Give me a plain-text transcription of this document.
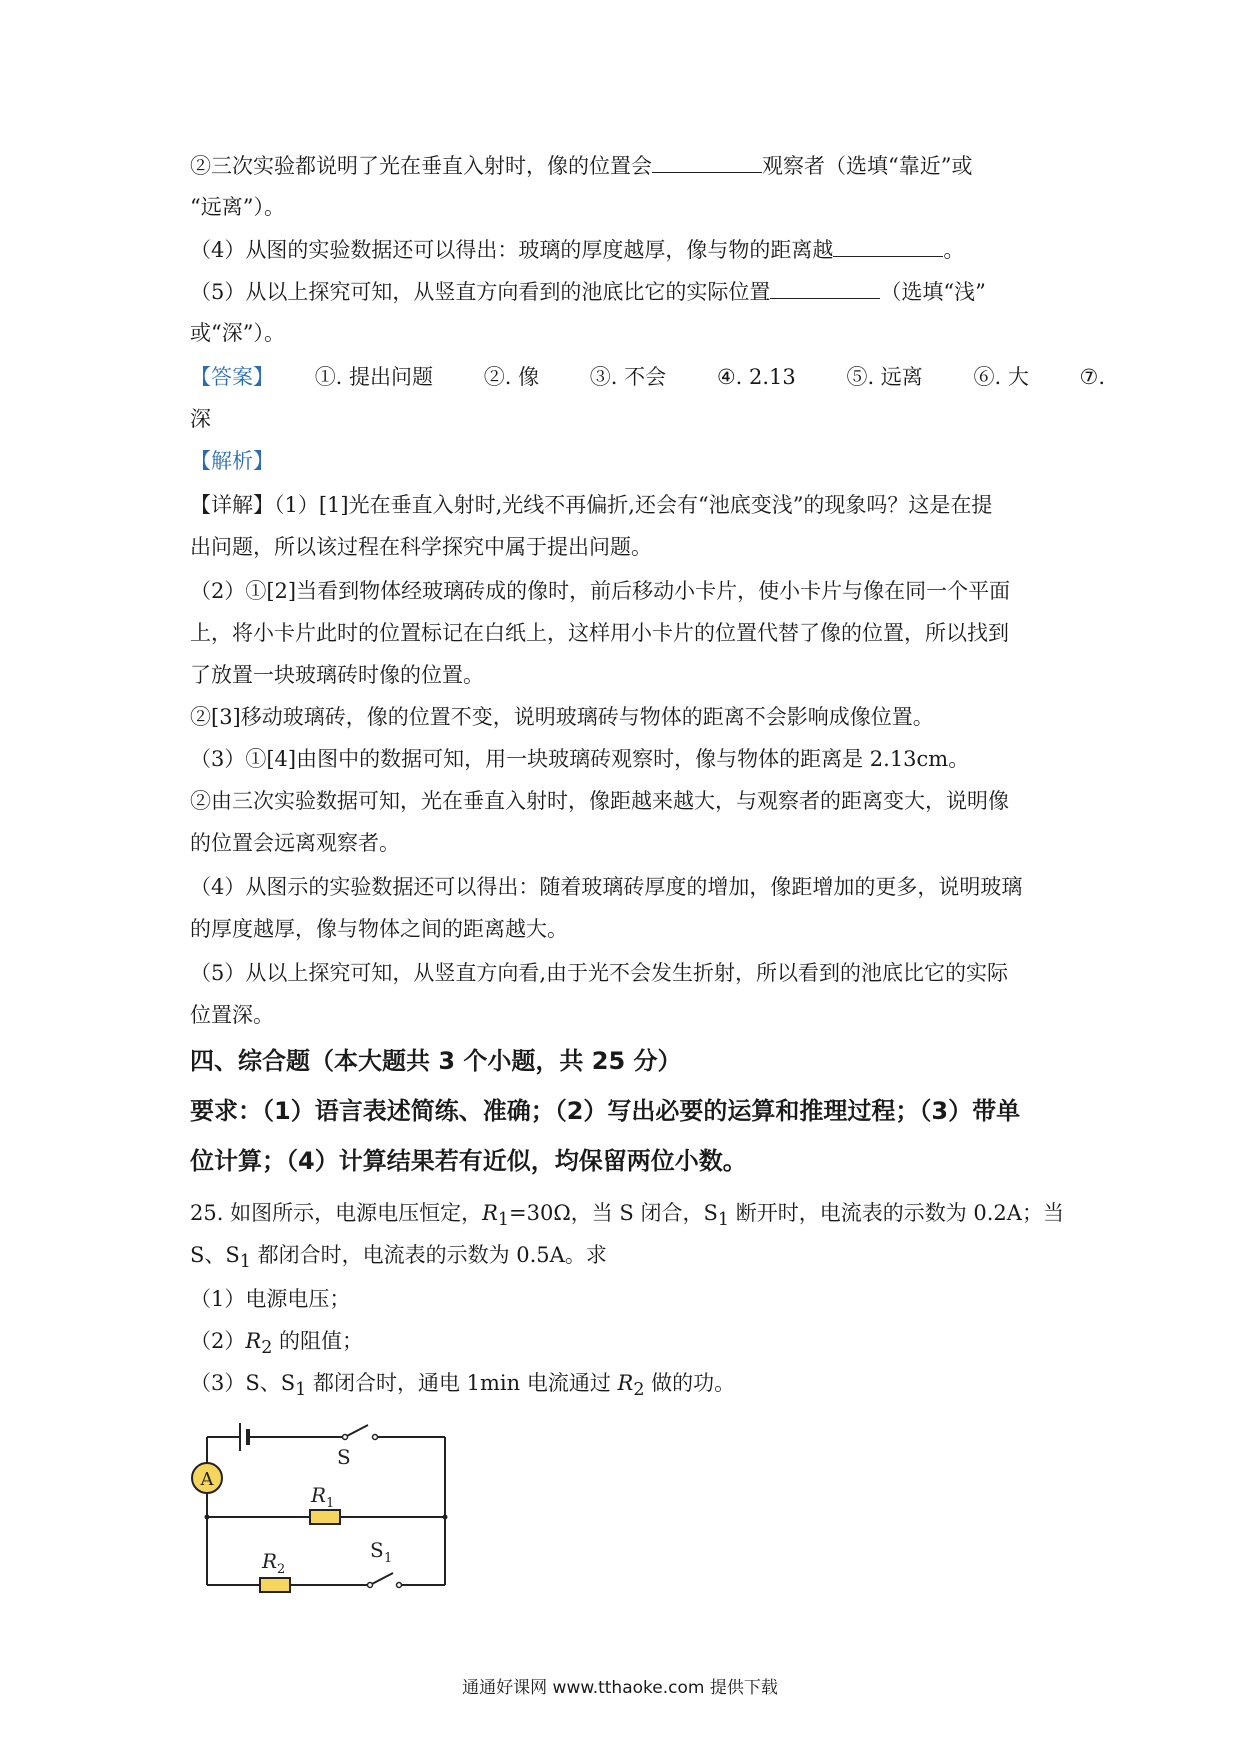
②三次实验都说明了光在垂直入射时，像的位置会	观察者（选填“靠近”或
“远离”）。
（4）从图的实验数据还可以得出：玻璃的厚度越厚，像与物的距离越	。
（5）从以上探究可知，从竖直方向看到的池底比它的实际位置	（选填“浅”
或“深”）。
【答案】 ①. 提出问题 ②. 像 ③. 不会 ④. 2.13 ⑤. 远离 ⑥. 大 ⑦.
深
【解析】
【详解】（1）[1]光在垂直入射时,光线不再偏折,还会有“池底变浅”的现象吗？这是在提
出问题，所以该过程在科学探究中属于提出问题。
（2）①[2]当看到物体经玻璃砖成的像时，前后移动小卡片，使小卡片与像在同一个平面
上，将小卡片此时的位置标记在白纸上，这样用小卡片的位置代替了像的位置，所以找到
了放置一块玻璃砖时像的位置。
②[3]移动玻璃砖，像的位置不变，说明玻璃砖与物体的距离不会影响成像位置。
（3）①[4]由图中的数据可知，用一块玻璃砖观察时，像与物体的距离是 2.13cm。
②由三次实验数据可知，光在垂直入射时，像距越来越大，与观察者的距离变大，说明像
的位置会远离观察者。
（4）从图示的实验数据还可以得出：随着玻璃砖厚度的增加，像距增加的更多，说明玻璃
的厚度越厚，像与物体之间的距离越大。
（5）从以上探究可知，从竖直方向看,由于光不会发生折射，所以看到的池底比它的实际
位置深。
四、综合题（本大题共 3 个小题，共 25 分）
要求：（1）语言表述简练、准确；（2）写出必要的运算和推理过程；（3）带单
位计算；（4）计算结果若有近似，均保留两位小数。
25. 如图所示，电源电压恒定，$R_1=30\Omega$，当 S 闭合，$S_1$ 断开时，电流表的示数为 0.2A；当
S、$S_1$ 都闭合时，电流表的示数为 0.5A。求
（1）电源电压；
$(2)R_2$ 的阻值；
（3）S、$S_1$ 都闭合时，通电 1min 电流通过 $R_2$ 做的功。
A
S
R 1
R 2
S 1
通通好课网 www.tthaoke.com 提供下载
